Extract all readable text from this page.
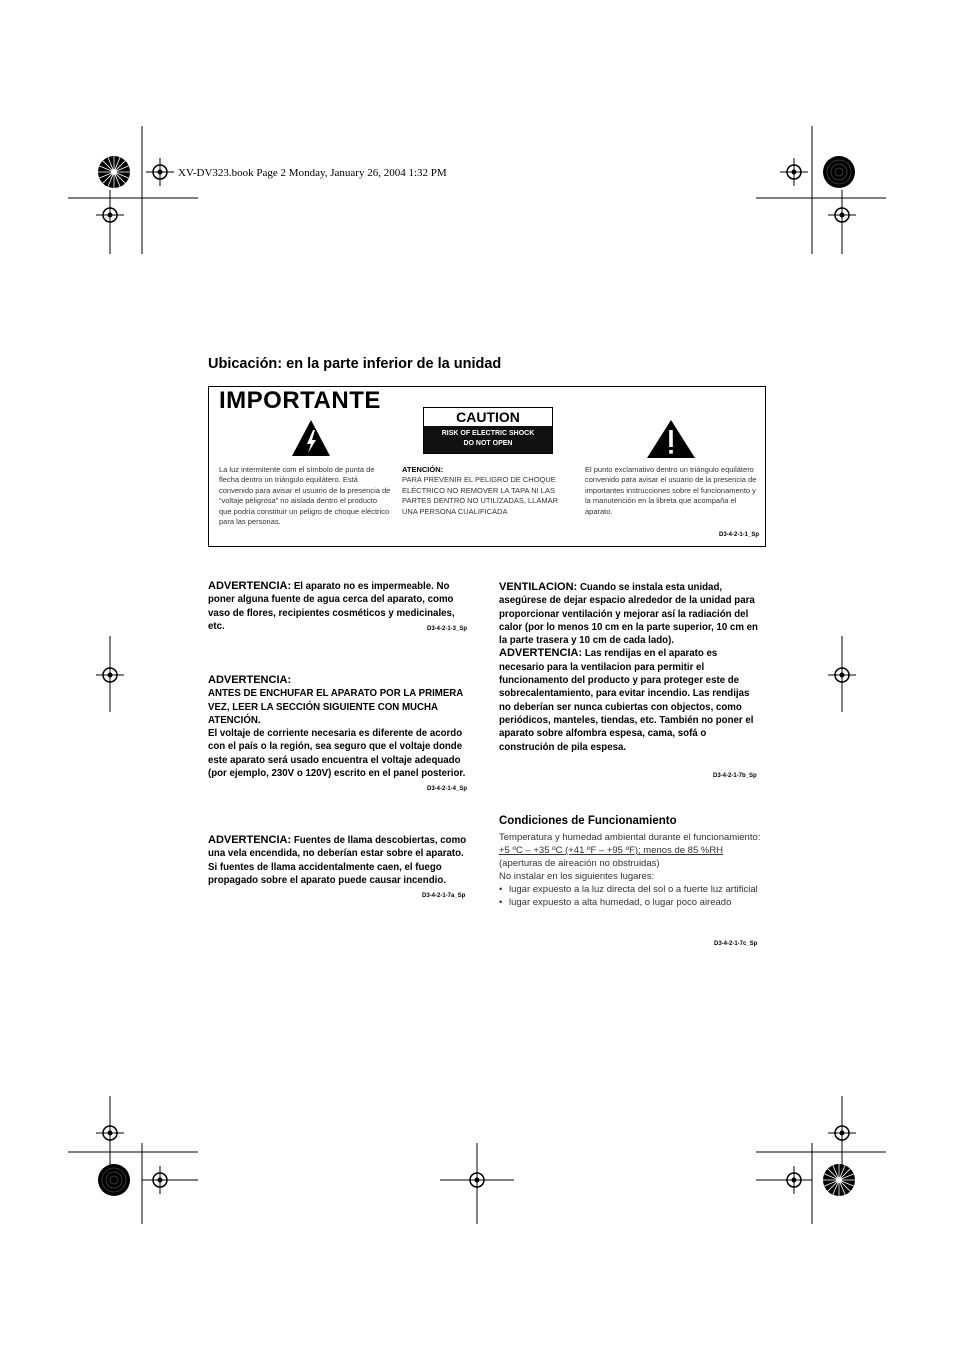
XV-DV323.book Page 2 Monday, January 26, 2004 1:32 PM
Ubicación: en la parte inferior de la unidad
IMPORTANTE
CAUTION
RISK OF ELECTRIC SHOCK
DO NOT OPEN
La luz intermitente com el símbolo de punta de flecha dentro un triángulo equilátero. Está convenido para avisar el usuario de la presencia de “voltaje peligrosa” no aislada dentro el producto que podría constituir un peligro de choque eléctrico para las personas.
ATENCIÓN:
PARA PREVENIR EL PELIGRO DE CHOQUE ELÉCTRICO NO REMOVER LA TAPA NI LAS PARTES DENTRO NO UTILIZADAS, LLAMAR UNA PERSONA CUALIFICADA
El punto exclamativo dentro un triángulo equilátero convenido para avisar el usuario de la presencia de importantes instrucciones sobre el funcionamento y la manutención en la libreta que acompaña el aparato.
D3-4-2-1-1_Sp
ADVERTENCIA: El aparato no es impermeable. No poner alguna fuente de agua cerca del aparato, como vaso de flores, recipientes cosméticos y medicinales, etc.	D3-4-2-1-3_Sp
ADVERTENCIA:
ANTES DE ENCHUFAR EL APARATO POR LA PRIMERA VEZ, LEER LA SECCIÓN SIGUIENTE CON MUCHA ATENCIÓN.
El voltaje de corriente necesaria es diferente de acordo con el país o la región, sea seguro que el voltaje donde este aparato será usado encuentra el voltaje adequado (por ejemplo, 230V o 120V) escrito en el panel posterior.
D3-4-2-1-4_Sp
ADVERTENCIA: Fuentes de llama descobiertas, como una vela encendida, no deberían estar sobre el aparato. Si fuentes de llama accidentalmente caen, el fuego propagado sobre el aparato puede causar incendio.
D3-4-2-1-7a_Sp
VENTILACION: Cuando se instala esta unidad, asegúrese de dejar espacio alrededor de la unidad para proporcionar ventilación y mejorar así la radiación del calor (por lo menos 10 cm en la parte superior, 10 cm en la parte trasera y 10 cm de cada lado).
ADVERTENCIA: Las rendijas en el aparato es necesario para la ventilacion para permitir el funcionamento del producto y para proteger este de sobrecalentamiento, para evitar incendio. Las rendijas no deberían ser nunca cubiertas con objectos, como periódicos, manteles, tiendas, etc. También no poner el aparato sobre alfombra espesa, cama, sofá o construción de pila espesa.
D3-4-2-1-7b_Sp
Condiciones de Funcionamiento
Temperatura y humedad ambiental durante el funcionamiento:
+5 ºC – +35 ºC (+41 ºF – +95 ºF); menos de 85 %RH
(aperturas de aireación no obstruidas)
No instalar en los siguientes lugares:
• lugar expuesto a la luz directa del sol o a fuerte luz artificial
• lugar expuesto a alta humedad, o lugar poco aireado
D3-4-2-1-7c_Sp
